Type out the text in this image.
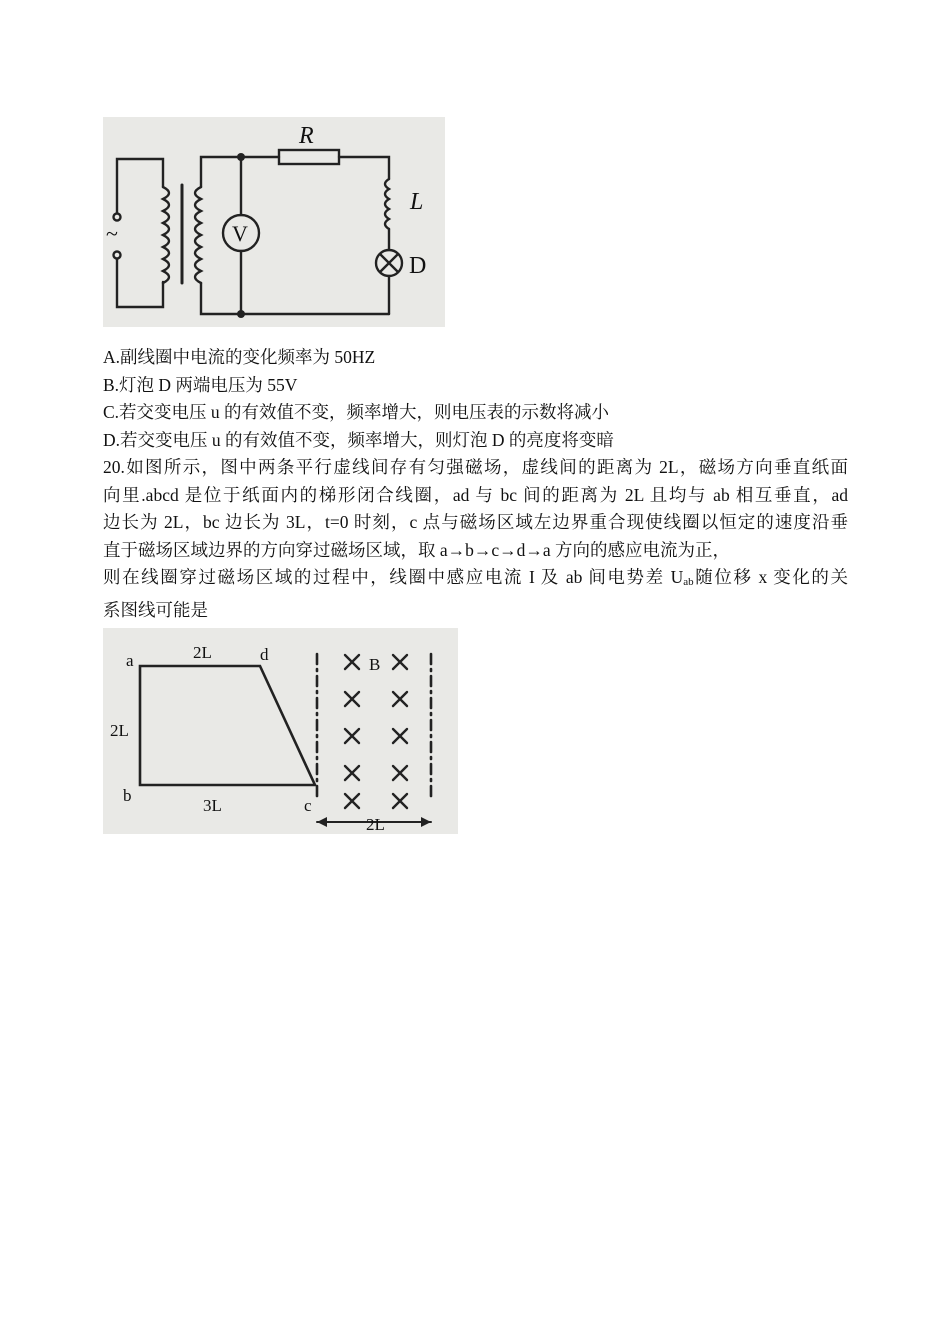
R
L
V
D
~
A.副线圈中电流的变化频率为 50HZ
B.灯泡 D 两端电压为 55V
C.若交变电压 u 的有效值不变，频率增大，则电压表的示数将减小
D.若交变电压 u 的有效值不变，频率增大，则灯泡 D 的亮度将变暗
20.如图所示，图中两条平行虚线间存有匀强磁场，虚线间的距离为 2L，磁场方向垂直纸面
向里.abcd 是位于纸面内的梯形闭合线圈，ad 与 bc 间的距离为 2L 且均与 ab 相互垂直，ad
边长为 2L，bc 边长为 3L，t=0 时刻，c 点与磁场区域左边界重合现使线圈以恒定的速度沿垂
直于磁场区域边界的方向穿过磁场区域，取 a→b→c→d→a 方向的感应电流为正，
则在线圈穿过磁场区域的过程中，线圈中感应电流 I 及 ab 间电势差 Uab随位移 x 变化的关
系图线可能是
a
b
c
d
2L
2L
3L
B
2L
